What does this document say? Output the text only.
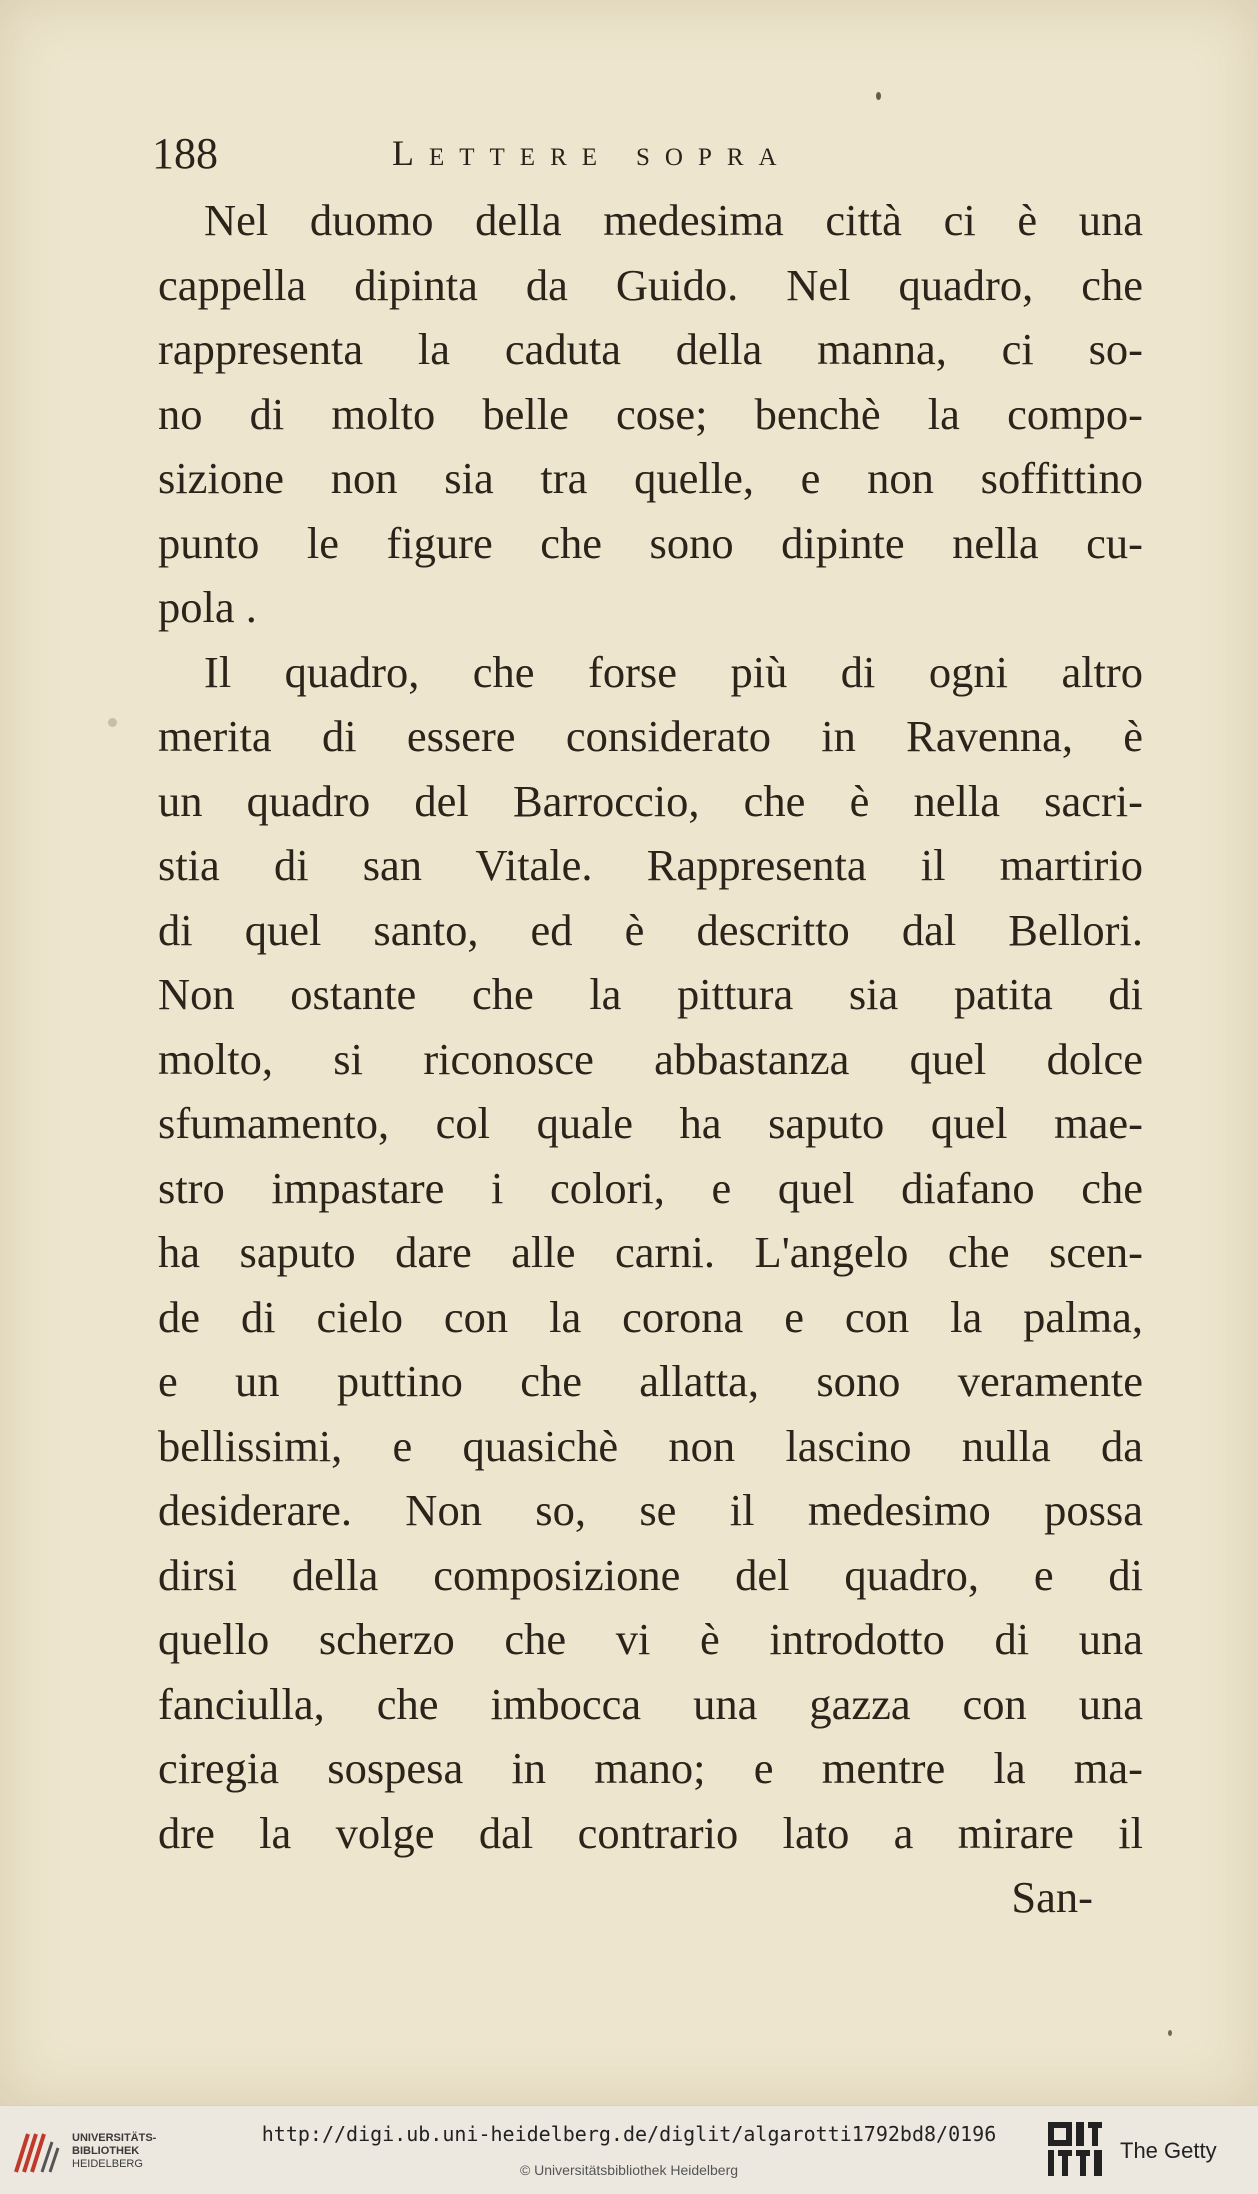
188	Lettere sopra
Nel duomo della medesima città ci è una
cappella dipinta da Guido. Nel quadro, che
rappresenta la caduta della manna, ci so-
no di molto belle cose; benchè la compo-
sizione non sia tra quelle, e non soffittino
punto le figure che sono dipinte nella cu-
pola .
Il quadro, che forse più di ogni altro
merita di essere considerato in Ravenna, è
un quadro del Barroccio, che è nella sacri-
stia di san Vitale. Rappresenta il martirio
di quel santo, ed è descritto dal Bellori.
Non ostante che la pittura sia patita di
molto, si riconosce abbastanza quel dolce
sfumamento, col quale ha saputo quel mae-
stro impastare i colori, e quel diafano che
ha saputo dare alle carni. L'angelo che scen-
de di cielo con la corona e con la palma,
e un puttino che allatta, sono veramente
bellissimi, e quasichè non lascino nulla da
desiderare. Non so, se il medesimo possa
dirsi della composizione del quadro, e di
quello scherzo che vi è introdotto di una
fanciulla, che imbocca una gazza con una
ciregia sospesa in mano; e mentre la ma-
dre la volge dal contrario lato a mirare il
San-
UNIVERSITÄTS-
BIBLIOTHEK
HEIDELBERG
http://digi.ub.uni-heidelberg.de/diglit/algarotti1792bd8/0196
© Universitätsbibliothek Heidelberg
The Getty
